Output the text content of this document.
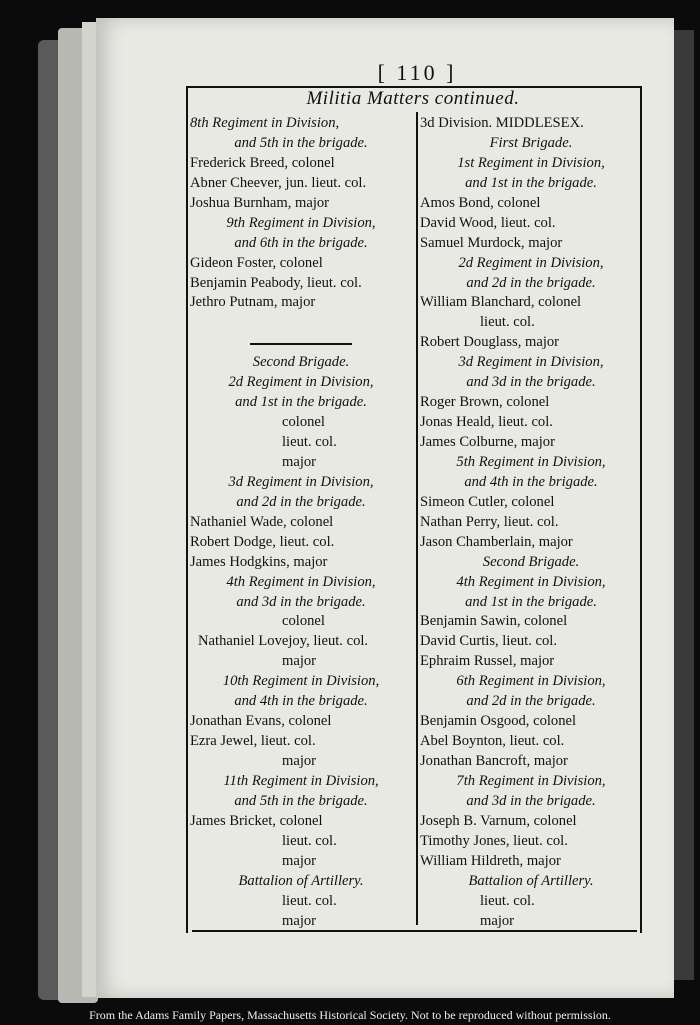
[ 110 ]
Militia Matters continued.
8th Regiment in Division,
and 5th in the brigade.
Frederick Breed, colonel
Abner Cheever, jun. lieut. col.
Joshua Burnham, major
9th Regiment in Division,
and 6th in the brigade.
Gideon Foster, colonel
Benjamin Peabody, lieut. col.
Jethro Putnam, major
Second Brigade.
2d Regiment in Division,
and 1st in the brigade.
colonel
lieut. col.
major
3d Regiment in Division,
and 2d in the brigade.
Nathaniel Wade, colonel
Robert Dodge, lieut. col.
James Hodgkins, major
4th Regiment in Division,
and 3d in the brigade.
colonel
Nathaniel Lovejoy, lieut. col.
major
10th Regiment in Division,
and 4th in the brigade.
Jonathan Evans, colonel
Ezra Jewel, lieut. col.
major
11th Regiment in Division,
and 5th in the brigade.
James Bricket, colonel
lieut. col.
major
Battalion of Artillery.
lieut. col.
major
3d Division. MIDDLESEX.
First Brigade.
1st Regiment in Division,
and 1st in the brigade.
Amos Bond, colonel
David Wood, lieut. col.
Samuel Murdock, major
2d Regiment in Division,
and 2d in the brigade.
William Blanchard, colonel
lieut. col.
Robert Douglass, major
3d Regiment in Division,
and 3d in the brigade.
Roger Brown, colonel
Jonas Heald, lieut. col.
James Colburne, major
5th Regiment in Division,
and 4th in the brigade.
Simeon Cutler, colonel
Nathan Perry, lieut. col.
Jason Chamberlain, major
Second Brigade.
4th Regiment in Division,
and 1st in the brigade.
Benjamin Sawin, colonel
David Curtis, lieut. col.
Ephraim Russel, major
6th Regiment in Division,
and 2d in the brigade.
Benjamin Osgood, colonel
Abel Boynton, lieut. col.
Jonathan Bancroft, major
7th Regiment in Division,
and 3d in the brigade.
Joseph B. Varnum, colonel
Timothy Jones, lieut. col.
William Hildreth, major
Battalion of Artillery.
lieut. col.
major
From the Adams Family Papers, Massachusetts Historical Society. Not to be reproduced without permission.
